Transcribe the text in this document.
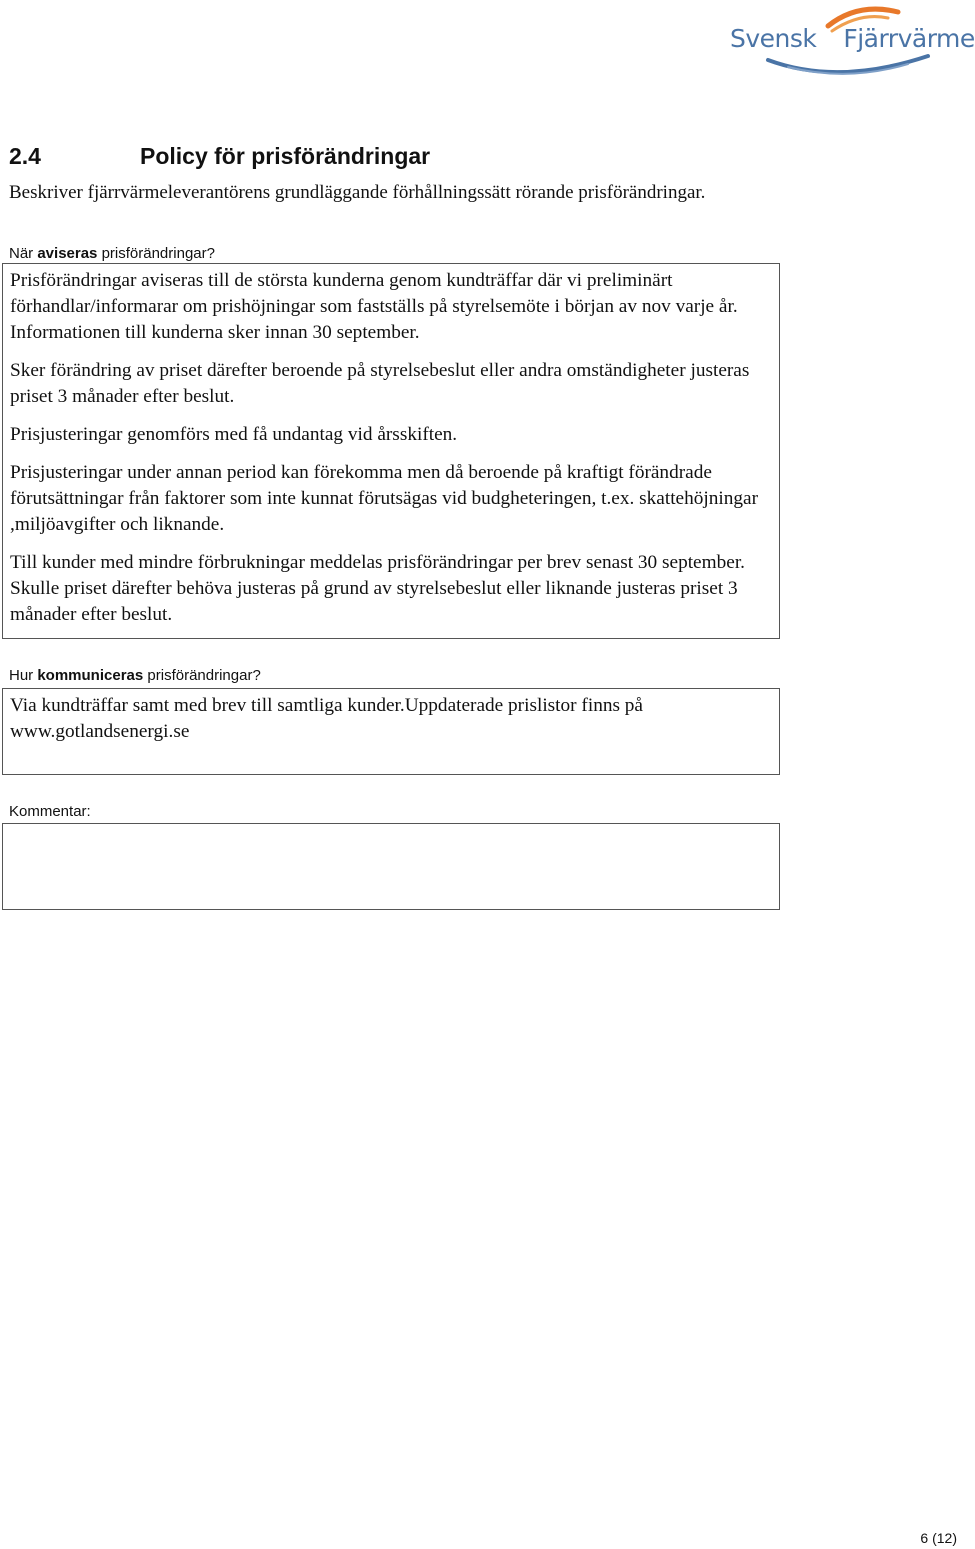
Svensk Fjärrvärme
2.4	Policy för prisförändringar
Beskriver fjärrvärmeleverantörens grundläggande förhållningssätt rörande prisförändringar.
När aviseras prisförändringar?

Prisförändringar aviseras till de största kunderna genom kundträffar där vi preliminärt förhandlar/informarar om prishöjningar som fastställs på styrelsemöte i början av nov varje år. Informationen till kunderna sker innan 30 september.

Sker förändring av priset därefter beroende på styrelsebeslut eller andra omständigheter justeras priset 3 månader efter beslut.

Prisjusteringar genomförs med få undantag vid årsskiften.

Prisjusteringar under annan period kan förekomma men då beroende på kraftigt förändrade förutsättningar från faktorer som inte kunnat förutsägas vid budgheteringen, t.ex. skattehöjningar ,miljöavgifter och liknande.

Till kunder med mindre förbrukningar meddelas prisförändringar per brev senast 30 september. Skulle priset därefter behöva justeras på grund av styrelsebeslut eller liknande justeras priset 3 månader efter beslut.

Hur kommuniceras prisförändringar?

Via kundträffar samt med brev till samtliga kunder.Uppdaterade prislistor finns på www.gotlandsenergi.se

Kommentar:

6 (12)
